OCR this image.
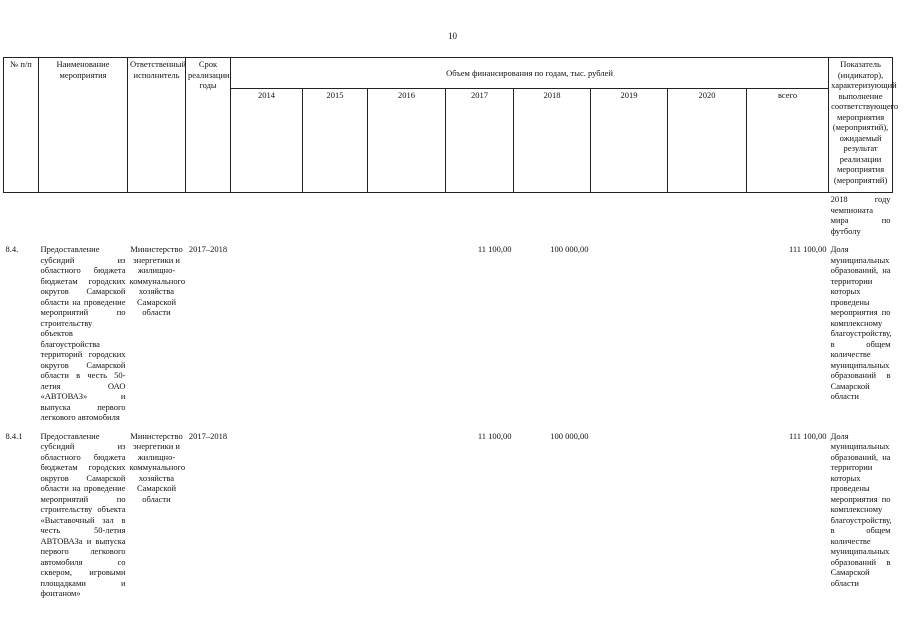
10
№ п/п	Наименование мероприятия	Ответственный исполнитель	Срок реализации, годы	Объем финансирования по годам, тыс. рублей								Показатель (индикатор), характеризующий выполнение соответствующего мероприятия (мероприятий), ожидаемый результат реализации мероприятия (мероприятий)
				2014	2015	2016	2017	2018	2019	2020	всего	
												2018 году чемпионата мира по футболу

8.4.	Предоставление субсидий из областного бюджета бюджетам городских округов Самарской области на проведение мероприятий по строительству объектов благоустройства территорий городских округов Самарской области в честь 50-летия ОАО «АВТОВАЗ» и выпуска первого легкового автомобиля	Министерство энергетики и жилищно-коммунального хозяйства Самарской области	2017–2018				11 100,00	100 000,00			111 100,00	Доля муниципальных образований, на территории которых проведены мероприятия по комплексному благоустройству, в общем количестве муниципальных образований в Самарской области

8.4.1	Предоставление субсидий из областного бюджета бюджетам городских округов Самарской области на проведение мероприятий по строительству объекта «Выставочный зал в честь 50-летия АВТОВАЗа и выпуска первого легкового автомобиля со сквером, игровыми площадками и фонтаном»	Министерство энергетики и жилищно-коммунального хозяйства Самарской области	2017–2018				11 100,00	100 000,00			111 100,00	Доля муниципальных образований, на территории которых проведены мероприятия по комплексному благоустройству, в общем количестве муниципальных образований в Самарской области
